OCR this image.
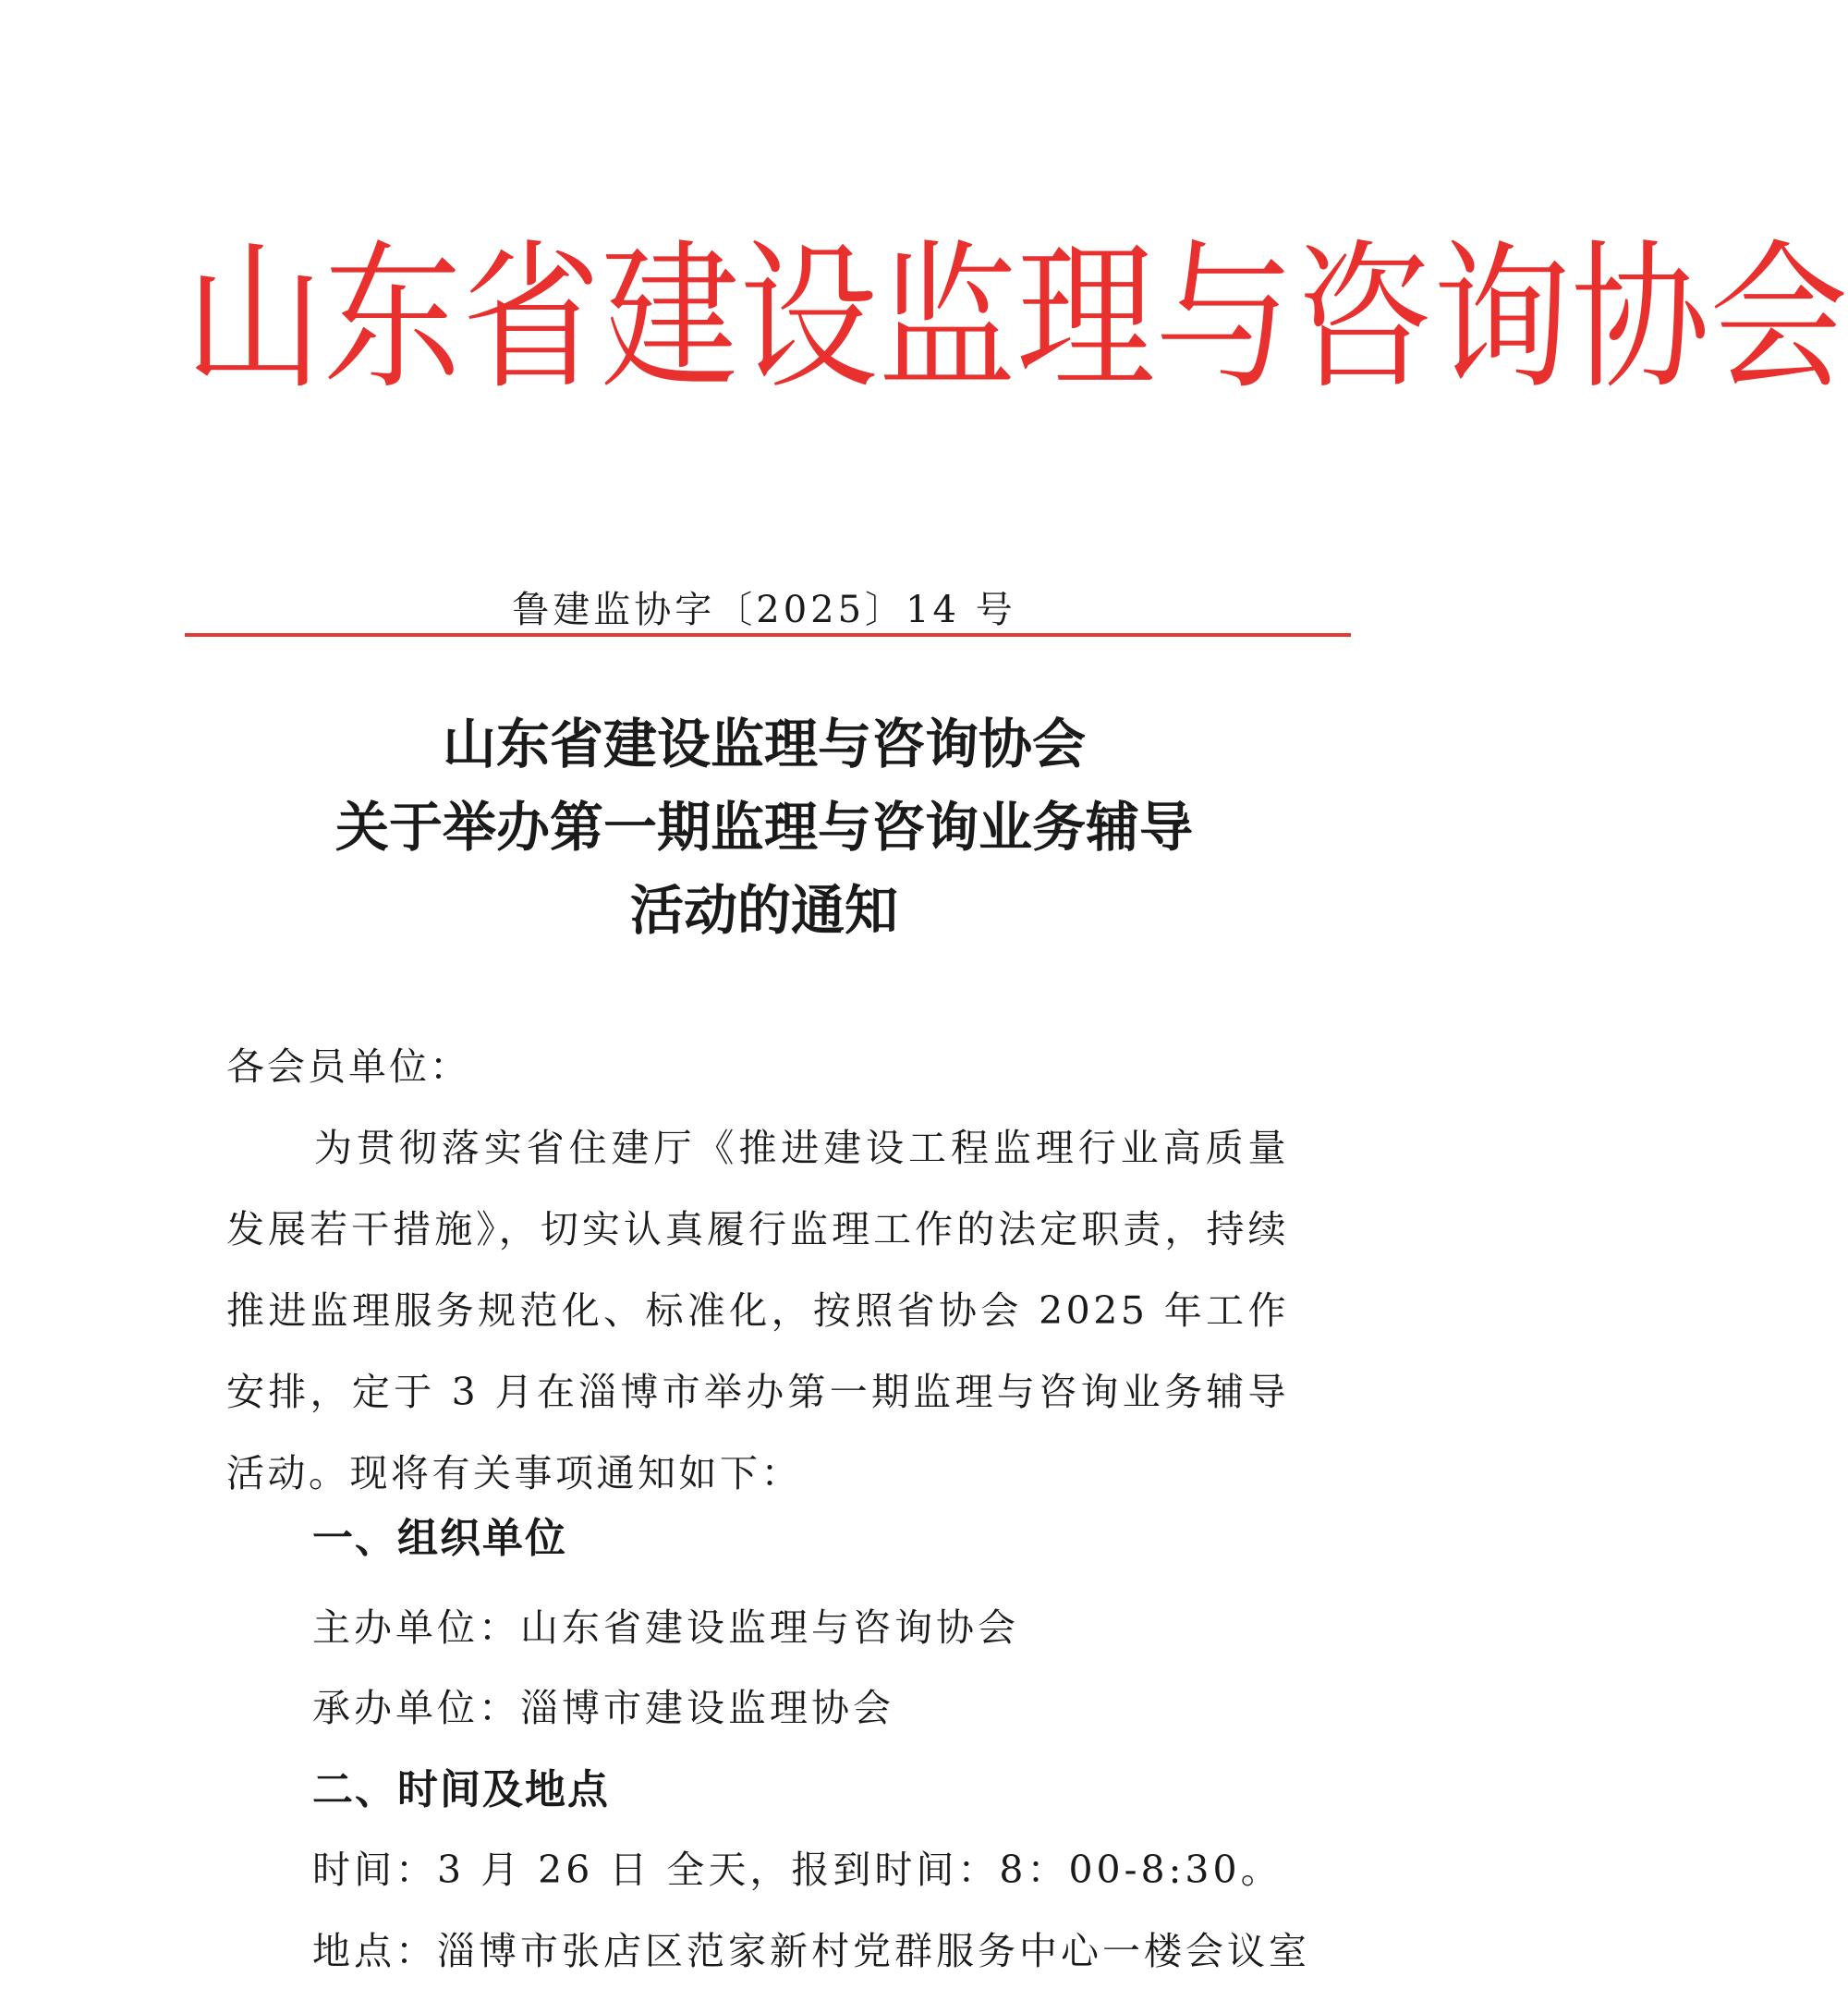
山 东 省 建 设 监 理 与 咨 询 协 会
鲁建监协字〔2025〕14 号
山东省建设监理与咨询协会
关于举办第一期监理与咨询业务辅导
活动的通知
各会员单位：
为贯彻落实省住建厅《推进建设工程监理行业高质量发展若干措施》，切实认真履行监理工作的法定职责，持续推进监理服务规范化、标准化，按照省协会 2025 年工作安排，定于 3 月在淄博市举办第一期监理与咨询业务辅导活动。现将有关事项通知如下：
一、组织单位
主办单位：山东省建设监理与咨询协会
承办单位：淄博市建设监理协会
二、时间及地点
时间：3 月 26 日 全天，报到时间：8：00-8:30。
地点：淄博市张店区范家新村党群服务中心一楼会议室
